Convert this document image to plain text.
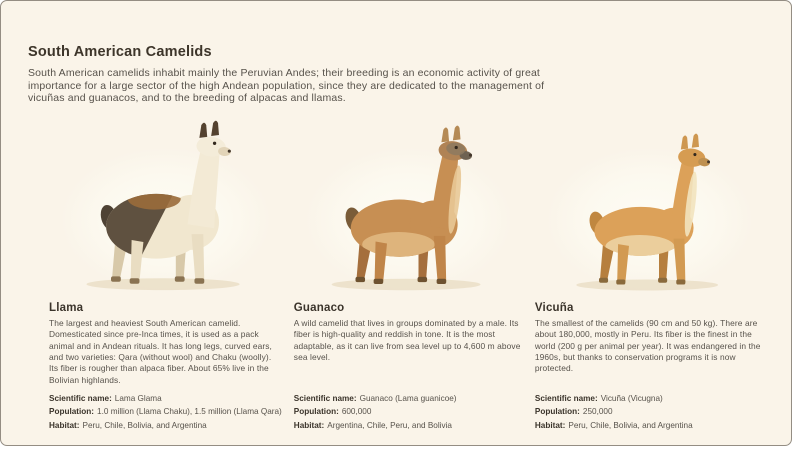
South American Camelids

South American camelids inhabit mainly the Peruvian Andes; their breeding is an economic activity of great importance for a large sector of the high Andean population, since they are dedicated to the management of vicuñas and guanacos, and to the breeding of alpacas and llamas.

Llama

The largest and heaviest South American camelid. Domesticated since pre-Inca times, it is used as a pack animal and in Andean rituals. It has long legs, curved ears, and two varieties: Qara (without wool) and Chaku (woolly). Its fiber is rougher than alpaca fiber. About 65% live in the Bolivian highlands.

Scientific name: Lama Glama
Population: 1.0 million (Llama Chaku), 1.5 million (Llama Qara)
Habitat: Peru, Chile, Bolivia, and Argentina
Guanaco

A wild camelid that lives in groups dominated by a male. Its fiber is high-quality and reddish in tone. It is the most adaptable, as it can live from sea level up to 4,600 m above sea level.

Scientific name: Guanaco (Lama guanicoe)
Population: 600,000
Habitat: Argentina, Chile, Peru, and Bolivia
Vicuña

The smallest of the camelids (90 cm and 50 kg). There are about 180,000, mostly in Peru. Its fiber is the finest in the world (200 g per animal per year). It was endangered in the 1960s, but thanks to conservation programs it is now protected.

Scientific name: Vicuña (Vicugna)
Population: 250,000
Habitat: Peru, Chile, Bolivia, and Argentina
